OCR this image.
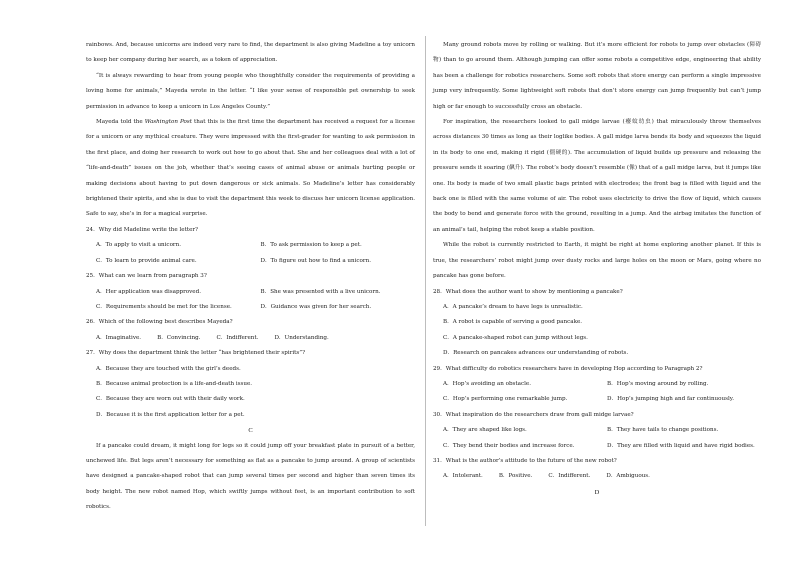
rainbows. And, because unicorns are indeed very rare to find, the department is also giving Madeline a toy unicorn to keep her company during her search, as a token of appreciation.

“It is always rewarding to hear from young people who thoughtfully consider the requirements of providing a loving home for animals,” Mayeda wrote in the letter. “I like your sense of responsible pet ownership to seek permission in advance to keep a unicorn in Los Angeles County.”

Mayeda told the Washington Post that this is the first time the department has received a request for a license for a unicorn or any mythical creature. They were impressed with the first-grader for wanting to ask permission in the first place, and doing her research to work out how to go about that. She and her colleagues deal with a lot of “life-and-death” issues on the job, whether that’s seeing cases of animal abuse or animals hurting people or making decisions about having to put down dangerous or sick animals. So Madeline’s letter has considerably brightened their spirits, and she is due to visit the department this week to discuss her unicorn license application. Safe to say, she’s in for a magical surprise.

24．Why did Madeline write the letter?
A．To apply to visit a unicorn.	B．To ask permission to keep a pet.
C．To learn to provide animal care.	D．To figure out how to find a unicorn.
25．What can we learn from paragraph 3?
A．Her application was disapproved.	B．She was presented with a live unicorn.
C．Requirements should be met for the license.	D．Guidance was given for her search.
26．Which of the following best describes Mayeda?
A．Imaginative.	B．Convincing.	C．Indifferent.	D．Understanding.
27．Why does the department think the letter “has brightened their spirits”?
A．Because they are touched with the girl’s deeds.
B．Because animal protection is a life-and-death issue.
C．Because they are worn out with their daily work.
D．Because it is the first application letter for a pet.
C

If a pancake could dream, it might long for legs so it could jump off your breakfast plate in pursuit of a better, unchewed life. But legs aren’t necessary for something as flat as a pancake to jump around. A group of scientists have designed a pancake-shaped robot that can jump several times per second and higher than seven times its body height. The new robot named Hop, which swiftly jumps without feet, is an important contribution to soft robotics.

Many ground robots move by rolling or walking. But it’s more efficient for robots to jump over obstacles (障碍物) than to go around them. Although jumping can offer some robots a competitive edge, engineering that ability has been a challenge for robotics researchers. Some soft robots that store energy can perform a single impressive jump very infrequently. Some lightweight soft robots that don’t store energy can jump frequently but can’t jump high or far enough to successfully cross an obstacle.

For inspiration, the researchers looked to gall midge larvae (瘿蚊幼虫) that miraculously throw themselves across distances 30 times as long as their loglike bodies. A gall midge larva bends its body and squeezes the liquid in its body to one end, making it rigid (僵硬的). The accumulation of liquid builds up pressure and releasing the pressure sends it soaring (飙升). The robot’s body doesn’t resemble (像) that of a gall midge larva, but it jumps like one. Its body is made of two small plastic bags printed with electrodes; the front bag is filled with liquid and the back one is filled with the same volume of air. The robot uses electricity to drive the flow of liquid, which causes the body to bend and generate force with the ground, resulting in a jump. And the airbag imitates the function of an animal’s tail, helping the robot keep a stable position.

While the robot is currently restricted to Earth, it might be right at home exploring another planet. If this is true, the researchers’ robot might jump over dusty rocks and large holes on the moon or Mars, going where no pancake has gone before.

28．What does the author want to show by mentioning a pancake?
A．A pancake’s dream to have legs is unrealistic.
B．A robot is capable of serving a good pancake.
C．A pancake-shaped robot can jump without legs.
D．Research on pancakes advances our understanding of robots.
29．What difficulty do robotics researchers have in developing Hop according to Paragraph 2?
A．Hop’s avoiding an obstacle.	B．Hop’s moving around by rolling.
C．Hop’s performing one remarkable jump.	D．Hop’s jumping high and far continuously.
30．What inspiration do the researchers draw from gall midge larvae?
A．They are shaped like logs.	B．They have tails to change positions.
C．They bend their bodies and increase force.	D．They are filled with liquid and have rigid bodies.
31．What is the author’s attitude to the future of the new robot?
A．Intolerant.	B．Positive.	C．Indifferent.	D．Ambiguous.
D
